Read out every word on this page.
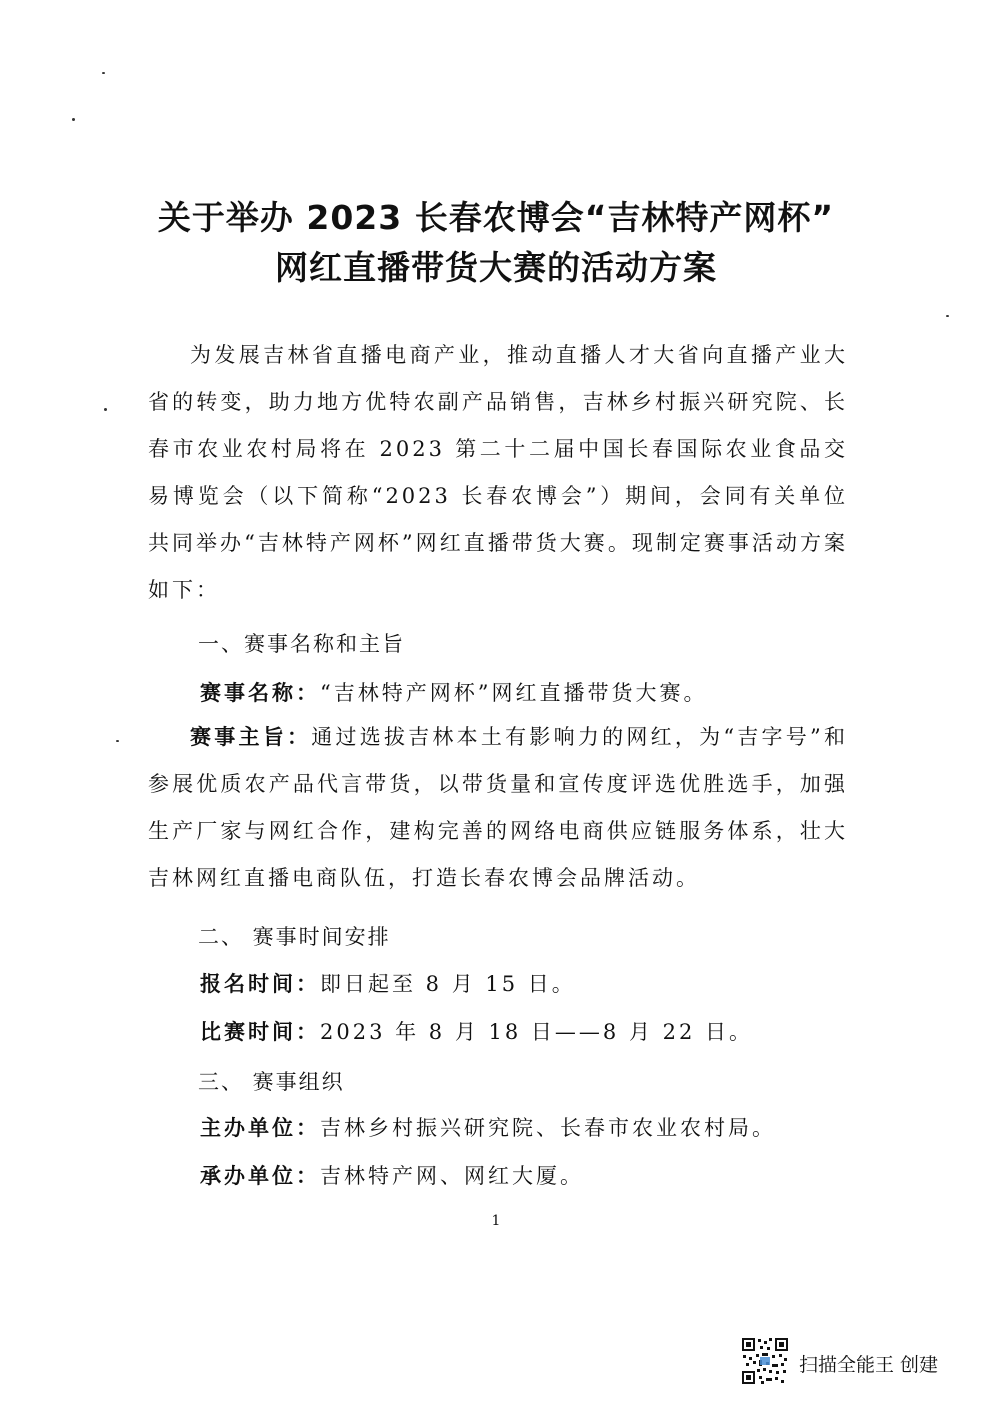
关于举办 2023 长春农博会“吉林特产网杯”
网红直播带货大赛的活动方案
为发展吉林省直播电商产业，推动直播人才大省向直播产业大省的转变，助力地方优特农副产品销售，吉林乡村振兴研究院、长春市农业农村局将在 2023 第二十二届中国长春国际农业食品交易博览会（以下简称“2023 长春农博会”）期间，会同有关单位共同举办“吉林特产网杯”网红直播带货大赛。现制定赛事活动方案如下：
一、赛事名称和主旨
赛事名称：“吉林特产网杯”网红直播带货大赛。
赛事主旨：通过选拔吉林本土有影响力的网红，为“吉字号”和参展优质农产品代言带货，以带货量和宣传度评选优胜选手，加强生产厂家与网红合作，建构完善的网络电商供应链服务体系，壮大吉林网红直播电商队伍，打造长春农博会品牌活动。
二、 赛事时间安排
报名时间：即日起至 8 月 15 日。
比赛时间：2023 年 8 月 18 日——8 月 22 日。
三、 赛事组织
主办单位：吉林乡村振兴研究院、长春市农业农村局。
承办单位：吉林特产网、网红大厦。
1
扫描全能王 创建
